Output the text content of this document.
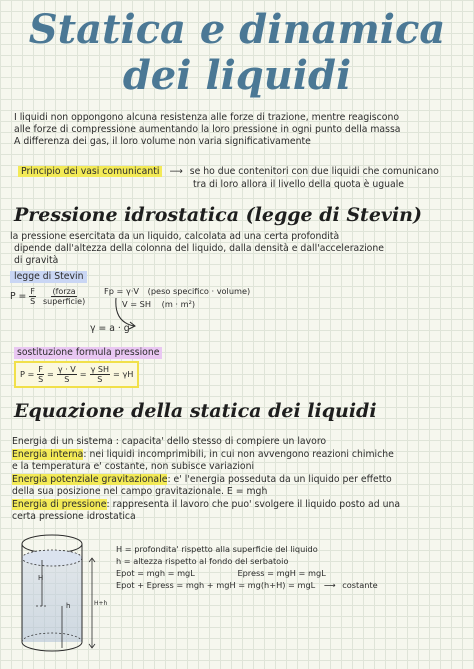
Statica e dinamica
dei liquidi
I liquidi non oppongono alcuna resistenza alle forze di trazione, mentre reagiscono
alle forze di compressione aumentando la loro pressione in ogni punto della massa
A differenza dei gas, il loro volume non varia significativamente
Principio dei vasi comunicanti ⟶ se ho due contenitori con due liquidi che comunicano
tra di loro allora il livello della quota è uguale
Pressione idrostatica (legge di Stevin)
la pressione esercitata da un liquido, calcolata ad una certa profondità
dipende dall'altezza della colonna del liquido, dalla densità e dall'accelerazione
di gravità
legge di Stevin
$P = \frac{F}{S} \frac{\text{(forza}}{\text{superficie)}}$ Fp = γ·V (peso specifico · volume)
V = SH (m · m²)
γ = a · g
sostituzione formula pressione
$P = \frac{F}{S} = \frac{\gamma \cdot V}{S} = \frac{\text{γ SH}}{S} = \gamma H$
Equazione della statica dei liquidi
Energia di un sistema : capacita' dello stesso di compiere un lavoro
Energia interna: nei liquidi incomprimibili, in cui non avvengono reazioni chimiche
e la temperatura e' costante, non subisce variazioni
Energia potenziale gravitazionale: e' l'energia posseduta da un liquido per effetto
della sua posizione nel campo gravitazionale. E = mgh
Energia di pressione: rappresenta il lavoro che puo' svolgere il liquido posto ad una
certa pressione idrostatica
H
h	H+h
H = profondita' rispetto alla superficie del liquido
h = altezza rispetto al fondo del serbatoio
Epot = mgh = mgL	Epress = mgH = mgL
Epot + Epress = mgh + mgH = mg(h+H) = mgL ⟶ costante
